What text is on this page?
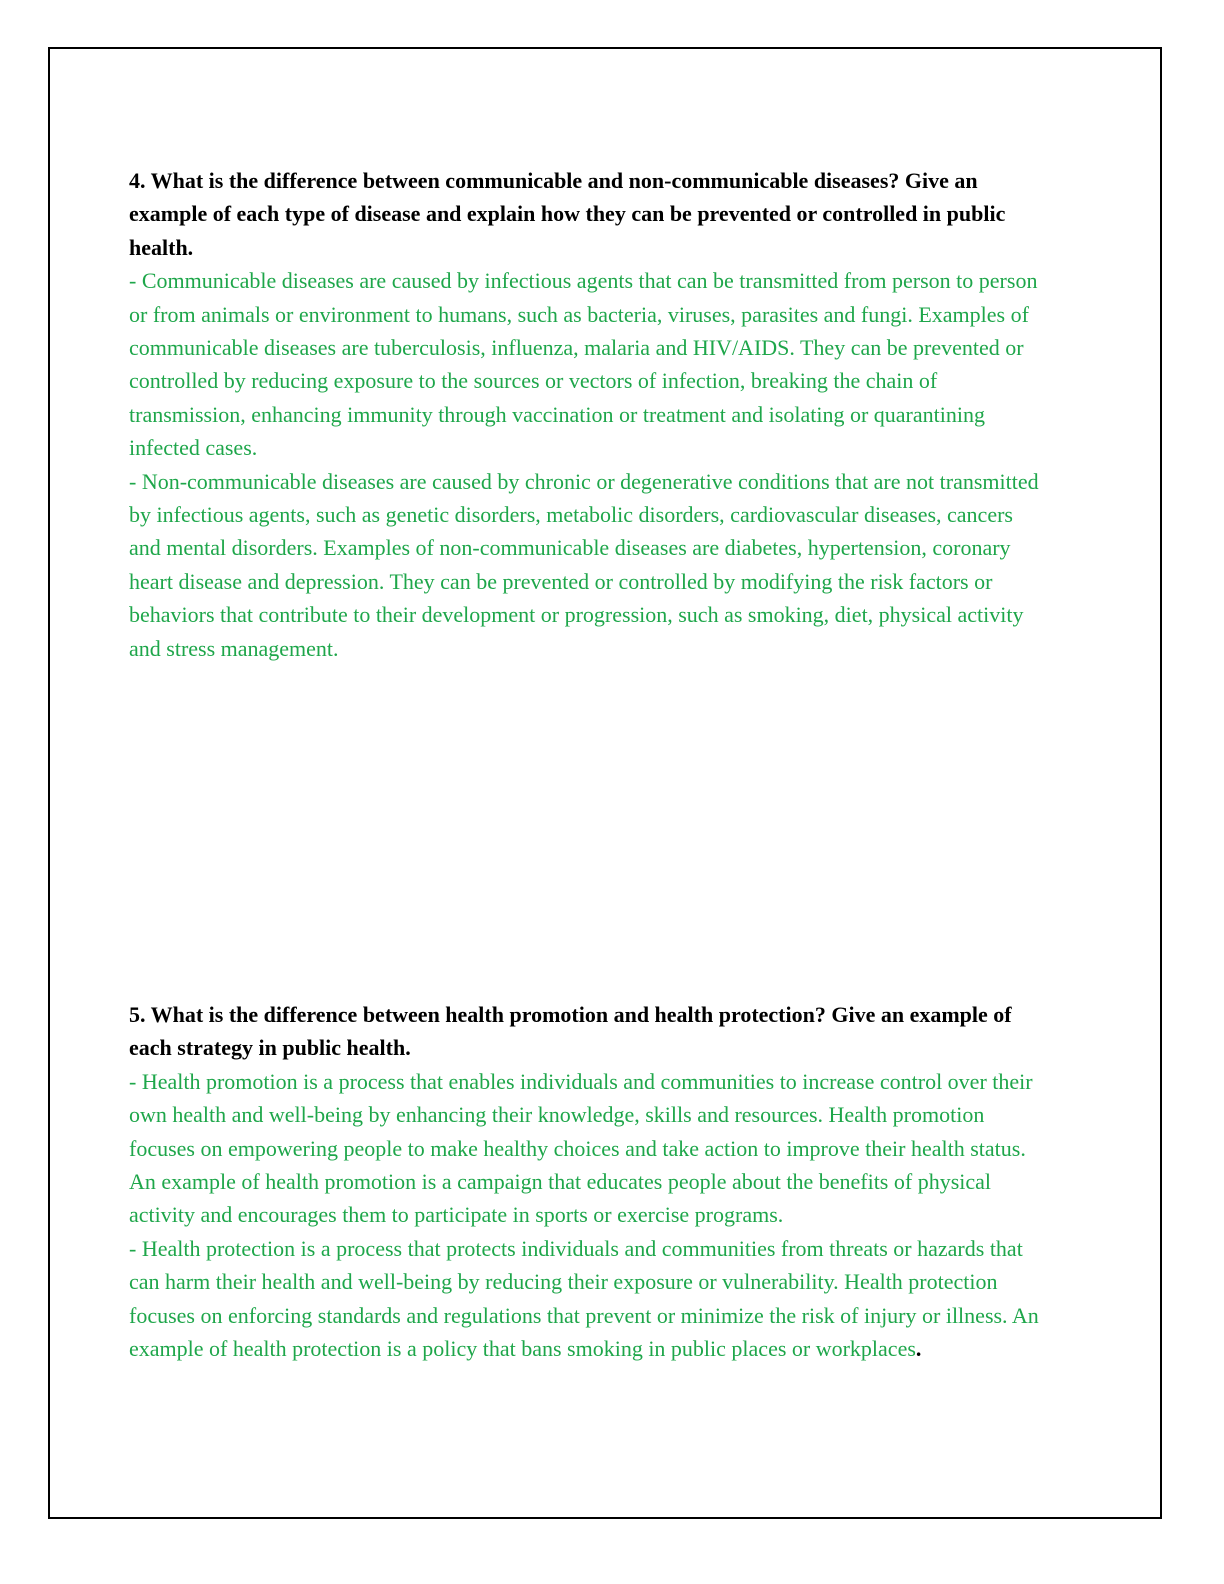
4. What is the difference between communicable and non-communicable diseases? Give an example of each type of disease and explain how they can be prevented or controlled in public health.

- Communicable diseases are caused by infectious agents that can be transmitted from person to person or from animals or environment to humans, such as bacteria, viruses, parasites and fungi. Examples of communicable diseases are tuberculosis, influenza, malaria and HIV/AIDS. They can be prevented or controlled by reducing exposure to the sources or vectors of infection, breaking the chain of transmission, enhancing immunity through vaccination or treatment and isolating or quarantining infected cases.

- Non-communicable diseases are caused by chronic or degenerative conditions that are not transmitted by infectious agents, such as genetic disorders, metabolic disorders, cardiovascular diseases, cancers and mental disorders. Examples of non-communicable diseases are diabetes, hypertension, coronary heart disease and depression. They can be prevented or controlled by modifying the risk factors or behaviors that contribute to their development or progression, such as smoking, diet, physical activity and stress management.

5. What is the difference between health promotion and health protection? Give an example of each strategy in public health.

- Health promotion is a process that enables individuals and communities to increase control over their own health and well-being by enhancing their knowledge, skills and resources. Health promotion focuses on empowering people to make healthy choices and take action to improve their health status. An example of health promotion is a campaign that educates people about the benefits of physical activity and encourages them to participate in sports or exercise programs.

- Health protection is a process that protects individuals and communities from threats or hazards that can harm their health and well-being by reducing their exposure or vulnerability. Health protection focuses on enforcing standards and regulations that prevent or minimize the risk of injury or illness. An example of health protection is a policy that bans smoking in public places or workplaces.
